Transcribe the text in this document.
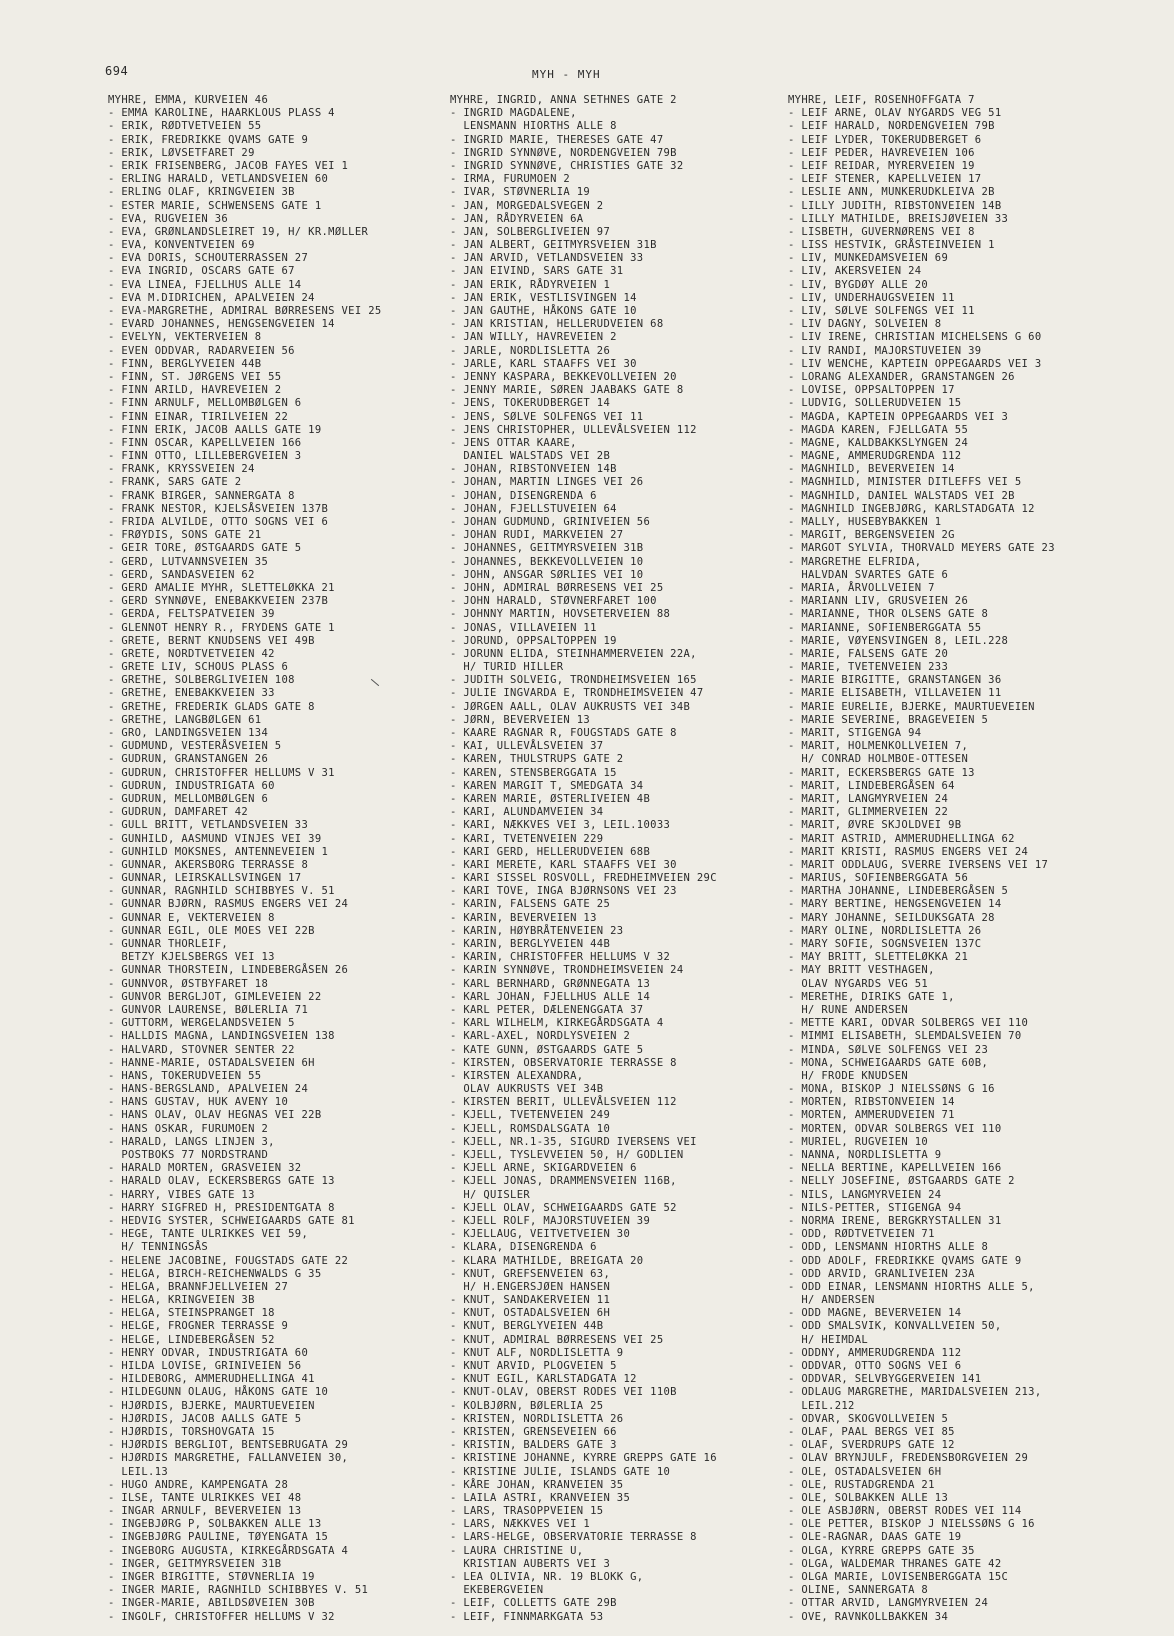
694	MYH - MYH
MYHRE, EMMA, KURVEIEN 46
- EMMA KAROLINE, HAARKLOUS PLASS 4
- ERIK, RØDTVETVEIEN 55
- ERIK, FREDRIKKE QVAMS GATE 9
- ERIK, LØVSETFARET 29
- ERIK FRISENBERG, JACOB FAYES VEI 1
- ERLING HARALD, VETLANDSVEIEN 60
- ERLING OLAF, KRINGVEIEN 3B
- ESTER MARIE, SCHWENSENS GATE 1
- EVA, RUGVEIEN 36
- EVA, GRØNLANDSLEIRET 19, H/ KR.MØLLER
- EVA, KONVENTVEIEN 69
- EVA DORIS, SCHOUTERRASSEN 27
- EVA INGRID, OSCARS GATE 67
- EVA LINEA, FJELLHUS ALLE 14
- EVA M.DIDRICHEN, APALVEIEN 24
- EVA-MARGRETHE, ADMIRAL BØRRESENS VEI 25
- EVARD JOHANNES, HENGSENGVEIEN 14
- EVELYN, VEKTERVEIEN 8
- EVEN ODDVAR, RADARVEIEN 56
- FINN, BERGLYVEIEN 44B
- FINN, ST. JØRGENS VEI 55
- FINN ARILD, HAVREVEIEN 2
- FINN ARNULF, MELLOMBØLGEN 6
- FINN EINAR, TIRILVEIEN 22
- FINN ERIK, JACOB AALLS GATE 19
- FINN OSCAR, KAPELLVEIEN 166
- FINN OTTO, LILLEBERGVEIEN 3
- FRANK, KRYSSVEIEN 24
- FRANK, SARS GATE 2
- FRANK BIRGER, SANNERGATA 8
- FRANK NESTOR, KJELSÅSVEIEN 137B
- FRIDA ALVILDE, OTTO SOGNS VEI 6
- FRØYDIS, SONS GATE 21
- GEIR TORE, ØSTGAARDS GATE 5
- GERD, LUTVANNSVEIEN 35
- GERD, SANDASVEIEN 62
- GERD AMALIE MYHR, SLETTELØKKA 21
- GERD SYNNØVE, ENEBAKKVEIEN 237B
- GERDA, FELTSPATVEIEN 39
- GLENNOT HENRY R., FRYDENS GATE 1
- GRETE, BERNT KNUDSENS VEI 49B
- GRETE, NORDTVETVEIEN 42
- GRETE LIV, SCHOUS PLASS 6
- GRETHE, SOLBERGLIVEIEN 108
- GRETHE, ENEBAKKVEIEN 33
- GRETHE, FREDERIK GLADS GATE 8
- GRETHE, LANGBØLGEN 61
- GRO, LANDINGSVEIEN 134
- GUDMUND, VESTERÅSVEIEN 5
- GUDRUN, GRANSTANGEN 26
- GUDRUN, CHRISTOFFER HELLUMS V 31
- GUDRUN, INDUSTRIGATA 60
- GUDRUN, MELLOMBØLGEN 6
- GUDRUN, DAMFARET 42
- GULL BRITT, VETLANDSVEIEN 33
- GUNHILD, AASMUND VINJES VEI 39
- GUNHILD MOKSNES, ANTENNEVEIEN 1
- GUNNAR, AKERSBORG TERRASSE 8
- GUNNAR, LEIRSKALLSVINGEN 17
- GUNNAR, RAGNHILD SCHIBBYES V. 51
- GUNNAR BJØRN, RASMUS ENGERS VEI 24
- GUNNAR E, VEKTERVEIEN 8
- GUNNAR EGIL, OLE MOES VEI 22B
- GUNNAR THORLEIF,
BETZY KJELSBERGS VEI 13
- GUNNAR THORSTEIN, LINDEBERGÅSEN 26
- GUNNVOR, ØSTBYFARET 18
- GUNVOR BERGLJOT, GIMLEVEIEN 22
- GUNVOR LAURENSE, BØLERLIA 71
- GUTTORM, WERGELANDSVEIEN 5
- HALLDIS MAGNA, LANDINGSVEIEN 138
- HALVARD, STOVNER SENTER 22
- HANNE-MARIE, OSTADALSVEIEN 6H
- HANS, TOKERUDVEIEN 55
- HANS-BERGSLAND, APALVEIEN 24
- HANS GUSTAV, HUK AVENY 10
- HANS OLAV, OLAV HEGNAS VEI 22B
- HANS OSKAR, FURUMOEN 2
- HARALD, LANGS LINJEN 3,
POSTBOKS 77 NORDSTRAND
- HARALD MORTEN, GRASVEIEN 32
- HARALD OLAV, ECKERSBERGS GATE 13
- HARRY, VIBES GATE 13
- HARRY SIGFRED H, PRESIDENTGATA 8
- HEDVIG SYSTER, SCHWEIGAARDS GATE 81
- HEGE, TANTE ULRIKKES VEI 59,
H/ TENNINGSÅS
- HELENE JACOBINE, FOUGSTADS GATE 22
- HELGA, BIRCH-REICHENWALDS G 35
- HELGA, BRANNFJELLVEIEN 27
- HELGA, KRINGVEIEN 3B
- HELGA, STEINSPRANGET 18
- HELGE, FROGNER TERRASSE 9
- HELGE, LINDEBERGÅSEN 52
- HENRY ODVAR, INDUSTRIGATA 60
- HILDA LOVISE, GRINIVEIEN 56
- HILDEBORG, AMMERUDHELLINGA 41
- HILDEGUNN OLAUG, HÅKONS GATE 10
- HJØRDIS, BJERKE, MAURTUEVEIEN
- HJØRDIS, JACOB AALLS GATE 5
- HJØRDIS, TORSHOVGATA 15
- HJØRDIS BERGLIOT, BENTSEBRUGATA 29
- HJØRDIS MARGRETHE, FALLANVEIEN 30,
LEIL.13
- HUGO ANDRE, KAMPENGATA 28
- ILSE, TANTE ULRIKKES VEI 48
- INGAR ARNULF, BEVERVEIEN 13
- INGEBJØRG P, SOLBAKKEN ALLE 13
- INGEBJØRG PAULINE, TØYENGATA 15
- INGEBORG AUGUSTA, KIRKEGÅRDSGATA 4
- INGER, GEITMYRSVEIEN 31B
- INGER BIRGITTE, STØVNERLIA 19
- INGER MARIE, RAGNHILD SCHIBBYES V. 51
- INGER-MARIE, ABILDSØVEIEN 30B
- INGOLF, CHRISTOFFER HELLUMS V 32
MYHRE, INGRID, ANNA SETHNES GATE 2
- INGRID MAGDALENE,
LENSMANN HIORTHS ALLE 8
- INGRID MARIE, THERESES GATE 47
- INGRID SYNNØVE, NORDENGVEIEN 79B
- INGRID SYNNØVE, CHRISTIES GATE 32
- IRMA, FURUMOEN 2
- IVAR, STØVNERLIA 19
- JAN, MORGEDALSVEGEN 2
- JAN, RÅDYRVEIEN 6A
- JAN, SOLBERGLIVEIEN 97
- JAN ALBERT, GEITMYRSVEIEN 31B
- JAN ARVID, VETLANDSVEIEN 33
- JAN EIVIND, SARS GATE 31
- JAN ERIK, RÅDYRVEIEN 1
- JAN ERIK, VESTLISVINGEN 14
- JAN GAUTHE, HÅKONS GATE 10
- JAN KRISTIAN, HELLERUDVEIEN 68
- JAN WILLY, HAVREVEIEN 2
- JARLE, NORDLISLETTA 26
- JARLE, KARL STAAFFS VEI 30
- JENNY KASPARA, BEKKEVOLLVEIEN 20
- JENNY MARIE, SØREN JAABAKS GATE 8
- JENS, TOKERUDBERGET 14
- JENS, SØLVE SOLFENGS VEI 11
- JENS CHRISTOPHER, ULLEVÅLSVEIEN 112
- JENS OTTAR KAARE,
DANIEL WALSTADS VEI 2B
- JOHAN, RIBSTONVEIEN 14B
- JOHAN, MARTIN LINGES VEI 26
- JOHAN, DISENGRENDA 6
- JOHAN, FJELLSTUVEIEN 64
- JOHAN GUDMUND, GRINIVEIEN 56
- JOHAN RUDI, MARKVEIEN 27
- JOHANNES, GEITMYRSVEIEN 31B
- JOHANNES, BEKKEVOLLVEIEN 10
- JOHN, ANSGAR SØRLIES VEI 10
- JOHN, ADMIRAL BØRRESENS VEI 25
- JOHN HARALD, STØVNERFARET 100
- JOHNNY MARTIN, HOVSETERVEIEN 88
- JONAS, VILLAVEIEN 11
- JORUND, OPPSALTOPPEN 19
- JORUNN ELIDA, STEINHAMMERVEIEN 22A,
H/ TURID HILLER
- JUDITH SOLVEIG, TRONDHEIMSVEIEN 165
- JULIE INGVARDA E, TRONDHEIMSVEIEN 47
- JØRGEN AALL, OLAV AUKRUSTS VEI 34B
- JØRN, BEVERVEIEN 13
- KAARE RAGNAR R, FOUGSTADS GATE 8
- KAI, ULLEVÅLSVEIEN 37
- KAREN, THULSTRUPS GATE 2
- KAREN, STENSBERGGATA 15
- KAREN MARGIT T, SMEDGATA 34
- KAREN MARIE, ØSTERLIVEIEN 4B
- KARI, ALUNDAMVEIEN 34
- KARI, NÆKKVES VEI 3, LEIL.10033
- KARI, TVETENVEIEN 229
- KARI GERD, HELLERUDVEIEN 68B
- KARI MERETE, KARL STAAFFS VEI 30
- KARI SISSEL ROSVOLL, FREDHEIMVEIEN 29C
- KARI TOVE, INGA BJØRNSONS VEI 23
- KARIN, FALSENS GATE 25
- KARIN, BEVERVEIEN 13
- KARIN, HØYBRÅTENVEIEN 23
- KARIN, BERGLYVEIEN 44B
- KARIN, CHRISTOFFER HELLUMS V 32
- KARIN SYNNØVE, TRONDHEIMSVEIEN 24
- KARL BERNHARD, GRØNNEGATA 13
- KARL JOHAN, FJELLHUS ALLE 14
- KARL PETER, DÆLENENGGATA 37
- KARL WILHELM, KIRKEGÅRDSGATA 4
- KARL-AXEL, NORDLYSVEIEN 2
- KATE GUNN, ØSTGAARDS GATE 5
- KIRSTEN, OBSERVATORIE TERRASSE 8
- KIRSTEN ALEXANDRA,
OLAV AUKRUSTS VEI 34B
- KIRSTEN BERIT, ULLEVÅLSVEIEN 112
- KJELL, TVETENVEIEN 249
- KJELL, ROMSDALSGATA 10
- KJELL, NR.1-35, SIGURD IVERSENS VEI
- KJELL, TYSLEVVEIEN 50, H/ GODLIEN
- KJELL ARNE, SKIGARDVEIEN 6
- KJELL JONAS, DRAMMENSVEIEN 116B,
H/ QUISLER
- KJELL OLAV, SCHWEIGAARDS GATE 52
- KJELL ROLF, MAJORSTUVEIEN 39
- KJELLAUG, VEITVETVEIEN 30
- KLARA, DISENGRENDA 6
- KLARA MATHILDE, BREIGATA 20
- KNUT, GREFSENVEIEN 63,
H/ H.ENGERSJØEN HANSEN
- KNUT, SANDAKERVEIEN 11
- KNUT, OSTADALSVEIEN 6H
- KNUT, BERGLYVEIEN 44B
- KNUT, ADMIRAL BØRRESENS VEI 25
- KNUT ALF, NORDLISLETTA 9
- KNUT ARVID, PLOGVEIEN 5
- KNUT EGIL, KARLSTADGATA 12
- KNUT-OLAV, OBERST RODES VEI 110B
- KOLBJØRN, BØLERLIA 25
- KRISTEN, NORDLISLETTA 26
- KRISTEN, GRENSEVEIEN 66
- KRISTIN, BALDERS GATE 3
- KRISTINE JOHANNE, KYRRE GREPPS GATE 16
- KRISTINE JULIE, ISLANDS GATE 10
- KÅRE JOHAN, KRANVEIEN 35
- LAILA ASTRI, KRANVEIEN 35
- LARS, TRASOPPVEIEN 15
- LARS, NÆKKVES VEI 1
- LARS-HELGE, OBSERVATORIE TERRASSE 8
- LAURA CHRISTINE U,
KRISTIAN AUBERTS VEI 3
- LEA OLIVIA, NR. 19 BLOKK G,
EKEBERGVEIEN
- LEIF, COLLETTS GATE 29B
- LEIF, FINNMARKGATA 53
MYHRE, LEIF, ROSENHOFFGATA 7
- LEIF ARNE, OLAV NYGARDS VEG 51
- LEIF HARALD, NORDENGVEIEN 79B
- LEIF LYDER, TOKERUDBERGET 6
- LEIF PEDER, HAVREVEIEN 106
- LEIF REIDAR, MYRERVEIEN 19
- LEIF STENER, KAPELLVEIEN 17
- LESLIE ANN, MUNKERUDKLEIVA 2B
- LILLY JUDITH, RIBSTONVEIEN 14B
- LILLY MATHILDE, BREISJØVEIEN 33
- LISBETH, GUVERNØRENS VEI 8
- LISS HESTVIK, GRÅSTEINVEIEN 1
- LIV, MUNKEDAMSVEIEN 69
- LIV, AKERSVEIEN 24
- LIV, BYGDØY ALLE 20
- LIV, UNDERHAUGSVEIEN 11
- LIV, SØLVE SOLFENGS VEI 11
- LIV DAGNY, SOLVEIEN 8
- LIV IRENE, CHRISTIAN MICHELSENS G 60
- LIV RANDI, MAJORSTUVEIEN 39
- LIV WENCHE, KAPTEIN OPPEGAARDS VEI 3
- LORANG ALEXANDER, GRANSTANGEN 26
- LOVISE, OPPSALTOPPEN 17
- LUDVIG, SOLLERUDVEIEN 15
- MAGDA, KAPTEIN OPPEGAARDS VEI 3
- MAGDA KAREN, FJELLGATA 55
- MAGNE, KALDBAKKSLYNGEN 24
- MAGNE, AMMERUDGRENDA 112
- MAGNHILD, BEVERVEIEN 14
- MAGNHILD, MINISTER DITLEFFS VEI 5
- MAGNHILD, DANIEL WALSTADS VEI 2B
- MAGNHILD INGEBJØRG, KARLSTADGATA 12
- MALLY, HUSEBYBAKKEN 1
- MARGIT, BERGENSVEIEN 2G
- MARGOT SYLVIA, THORVALD MEYERS GATE 23
- MARGRETHE ELFRIDA,
HALVDAN SVARTES GATE 6
- MARIA, ÅRVOLLVEIEN 7
- MARIANN LIV, GRUSVEIEN 26
- MARIANNE, THOR OLSENS GATE 8
- MARIANNE, SOFIENBERGGATA 55
- MARIE, VØYENSVINGEN 8, LEIL.228
- MARIE, FALSENS GATE 20
- MARIE, TVETENVEIEN 233
- MARIE BIRGITTE, GRANSTANGEN 36
- MARIE ELISABETH, VILLAVEIEN 11
- MARIE EURELIE, BJERKE, MAURTUEVEIEN
- MARIE SEVERINE, BRAGEVEIEN 5
- MARIT, STIGENGA 94
- MARIT, HOLMENKOLLVEIEN 7,
H/ CONRAD HOLMBOE-OTTESEN
- MARIT, ECKERSBERGS GATE 13
- MARIT, LINDEBERGÅSEN 64
- MARIT, LANGMYRVEIEN 24
- MARIT, GLIMMERVEIEN 22
- MARIT, ØVRE SKJOLDVEI 9B
- MARIT ASTRID, AMMERUDHELLINGA 62
- MARIT KRISTI, RASMUS ENGERS VEI 24
- MARIT ODDLAUG, SVERRE IVERSENS VEI 17
- MARIUS, SOFIENBERGGATA 56
- MARTHA JOHANNE, LINDEBERGÅSEN 5
- MARY BERTINE, HENGSENGVEIEN 14
- MARY JOHANNE, SEILDUKSGATA 28
- MARY OLINE, NORDLISLETTA 26
- MARY SOFIE, SOGNSVEIEN 137C
- MAY BRITT, SLETTELØKKA 21
- MAY BRITT VESTHAGEN,
OLAV NYGARDS VEG 51
- MERETHE, DIRIKS GATE 1,
H/ RUNE ANDERSEN
- METTE KARI, ODVAR SOLBERGS VEI 110
- MIMMI ELISABETH, SLEMDALSVEIEN 70
- MINDA, SØLVE SOLFENGS VEI 23
- MONA, SCHWEIGAARDS GATE 60B,
H/ FRODE KNUDSEN
- MONA, BISKOP J NIELSSØNS G 16
- MORTEN, RIBSTONVEIEN 14
- MORTEN, AMMERUDVEIEN 71
- MORTEN, ODVAR SOLBERGS VEI 110
- MURIEL, RUGVEIEN 10
- NANNA, NORDLISLETTA 9
- NELLA BERTINE, KAPELLVEIEN 166
- NELLY JOSEFINE, ØSTGAARDS GATE 2
- NILS, LANGMYRVEIEN 24
- NILS-PETTER, STIGENGA 94
- NORMA IRENE, BERGKRYSTALLEN 31
- ODD, RØDTVETVEIEN 71
- ODD, LENSMANN HIORTHS ALLE 8
- ODD ADOLF, FREDRIKKE QVAMS GATE 9
- ODD ARVID, GRANLIVEIEN 23A
- ODD EINAR, LENSMANN HIORTHS ALLE 5,
H/ ANDERSEN
- ODD MAGNE, BEVERVEIEN 14
- ODD SMALSVIK, KONVALLVEIEN 50,
H/ HEIMDAL
- ODDNY, AMMERUDGRENDA 112
- ODDVAR, OTTO SOGNS VEI 6
- ODDVAR, SELVBYGGERVEIEN 141
- ODLAUG MARGRETHE, MARIDALSVEIEN 213,
LEIL.212
- ODVAR, SKOGVOLLVEIEN 5
- OLAF, PAAL BERGS VEI 85
- OLAF, SVERDRUPS GATE 12
- OLAV BRYNJULF, FREDENSBORGVEIEN 29
- OLE, OSTADALSVEIEN 6H
- OLE, RUSTADGRENDA 21
- OLE, SOLBAKKEN ALLE 13
- OLE ASBJØRN, OBERST RODES VEI 114
- OLE PETTER, BISKOP J NIELSSØNS G 16
- OLE-RAGNAR, DAAS GATE 19
- OLGA, KYRRE GREPPS GATE 35
- OLGA, WALDEMAR THRANES GATE 42
- OLGA MARIE, LOVISENBERGGATA 15C
- OLINE, SANNERGATA 8
- OTTAR ARVID, LANGMYRVEIEN 24
- OVE, RAVNKOLLBAKKEN 34
